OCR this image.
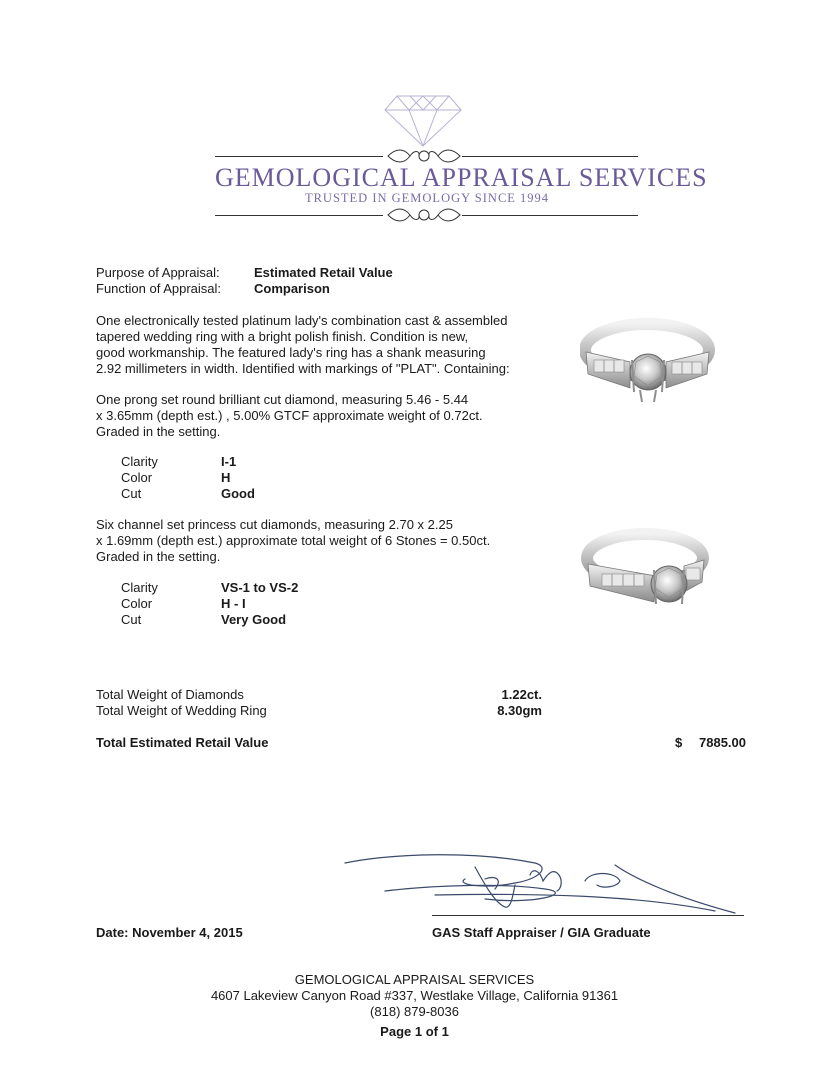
GEMOLOGICAL APPRAISAL SERVICES
TRUSTED IN GEMOLOGY SINCE 1994
Purpose of Appraisal:	Estimated Retail Value
Function of Appraisal:	Comparison
One electronically tested platinum lady's combination cast & assembled
tapered wedding ring with a bright polish finish. Condition is new,
good workmanship. The featured lady's ring has a shank measuring
2.92 millimeters in width. Identified with markings of "PLAT". Containing:
One prong set round brilliant cut diamond, measuring 5.46 - 5.44
x 3.65mm (depth est.) , 5.00% GTCF approximate weight of 0.72ct.
Graded in the setting.
Clarity	I-1
Color	H
Cut	Good
Six channel set princess cut diamonds, measuring 2.70 x 2.25
x 1.69mm (depth est.) approximate total weight of 6 Stones = 0.50ct.
Graded in the setting.
Clarity	VS-1 to VS-2
Color	H - I
Cut	Very Good
Total Weight of Diamonds	1.22ct.
Total Weight of Wedding Ring	8.30gm
Total Estimated Retail Value	$	7885.00
Date: November 4, 2015	GAS Staff Appraiser / GIA Graduate
GEMOLOGICAL APPRAISAL SERVICES
4607 Lakeview Canyon Road #337, Westlake Village, California 91361
(818) 879-8036
Page 1 of 1
